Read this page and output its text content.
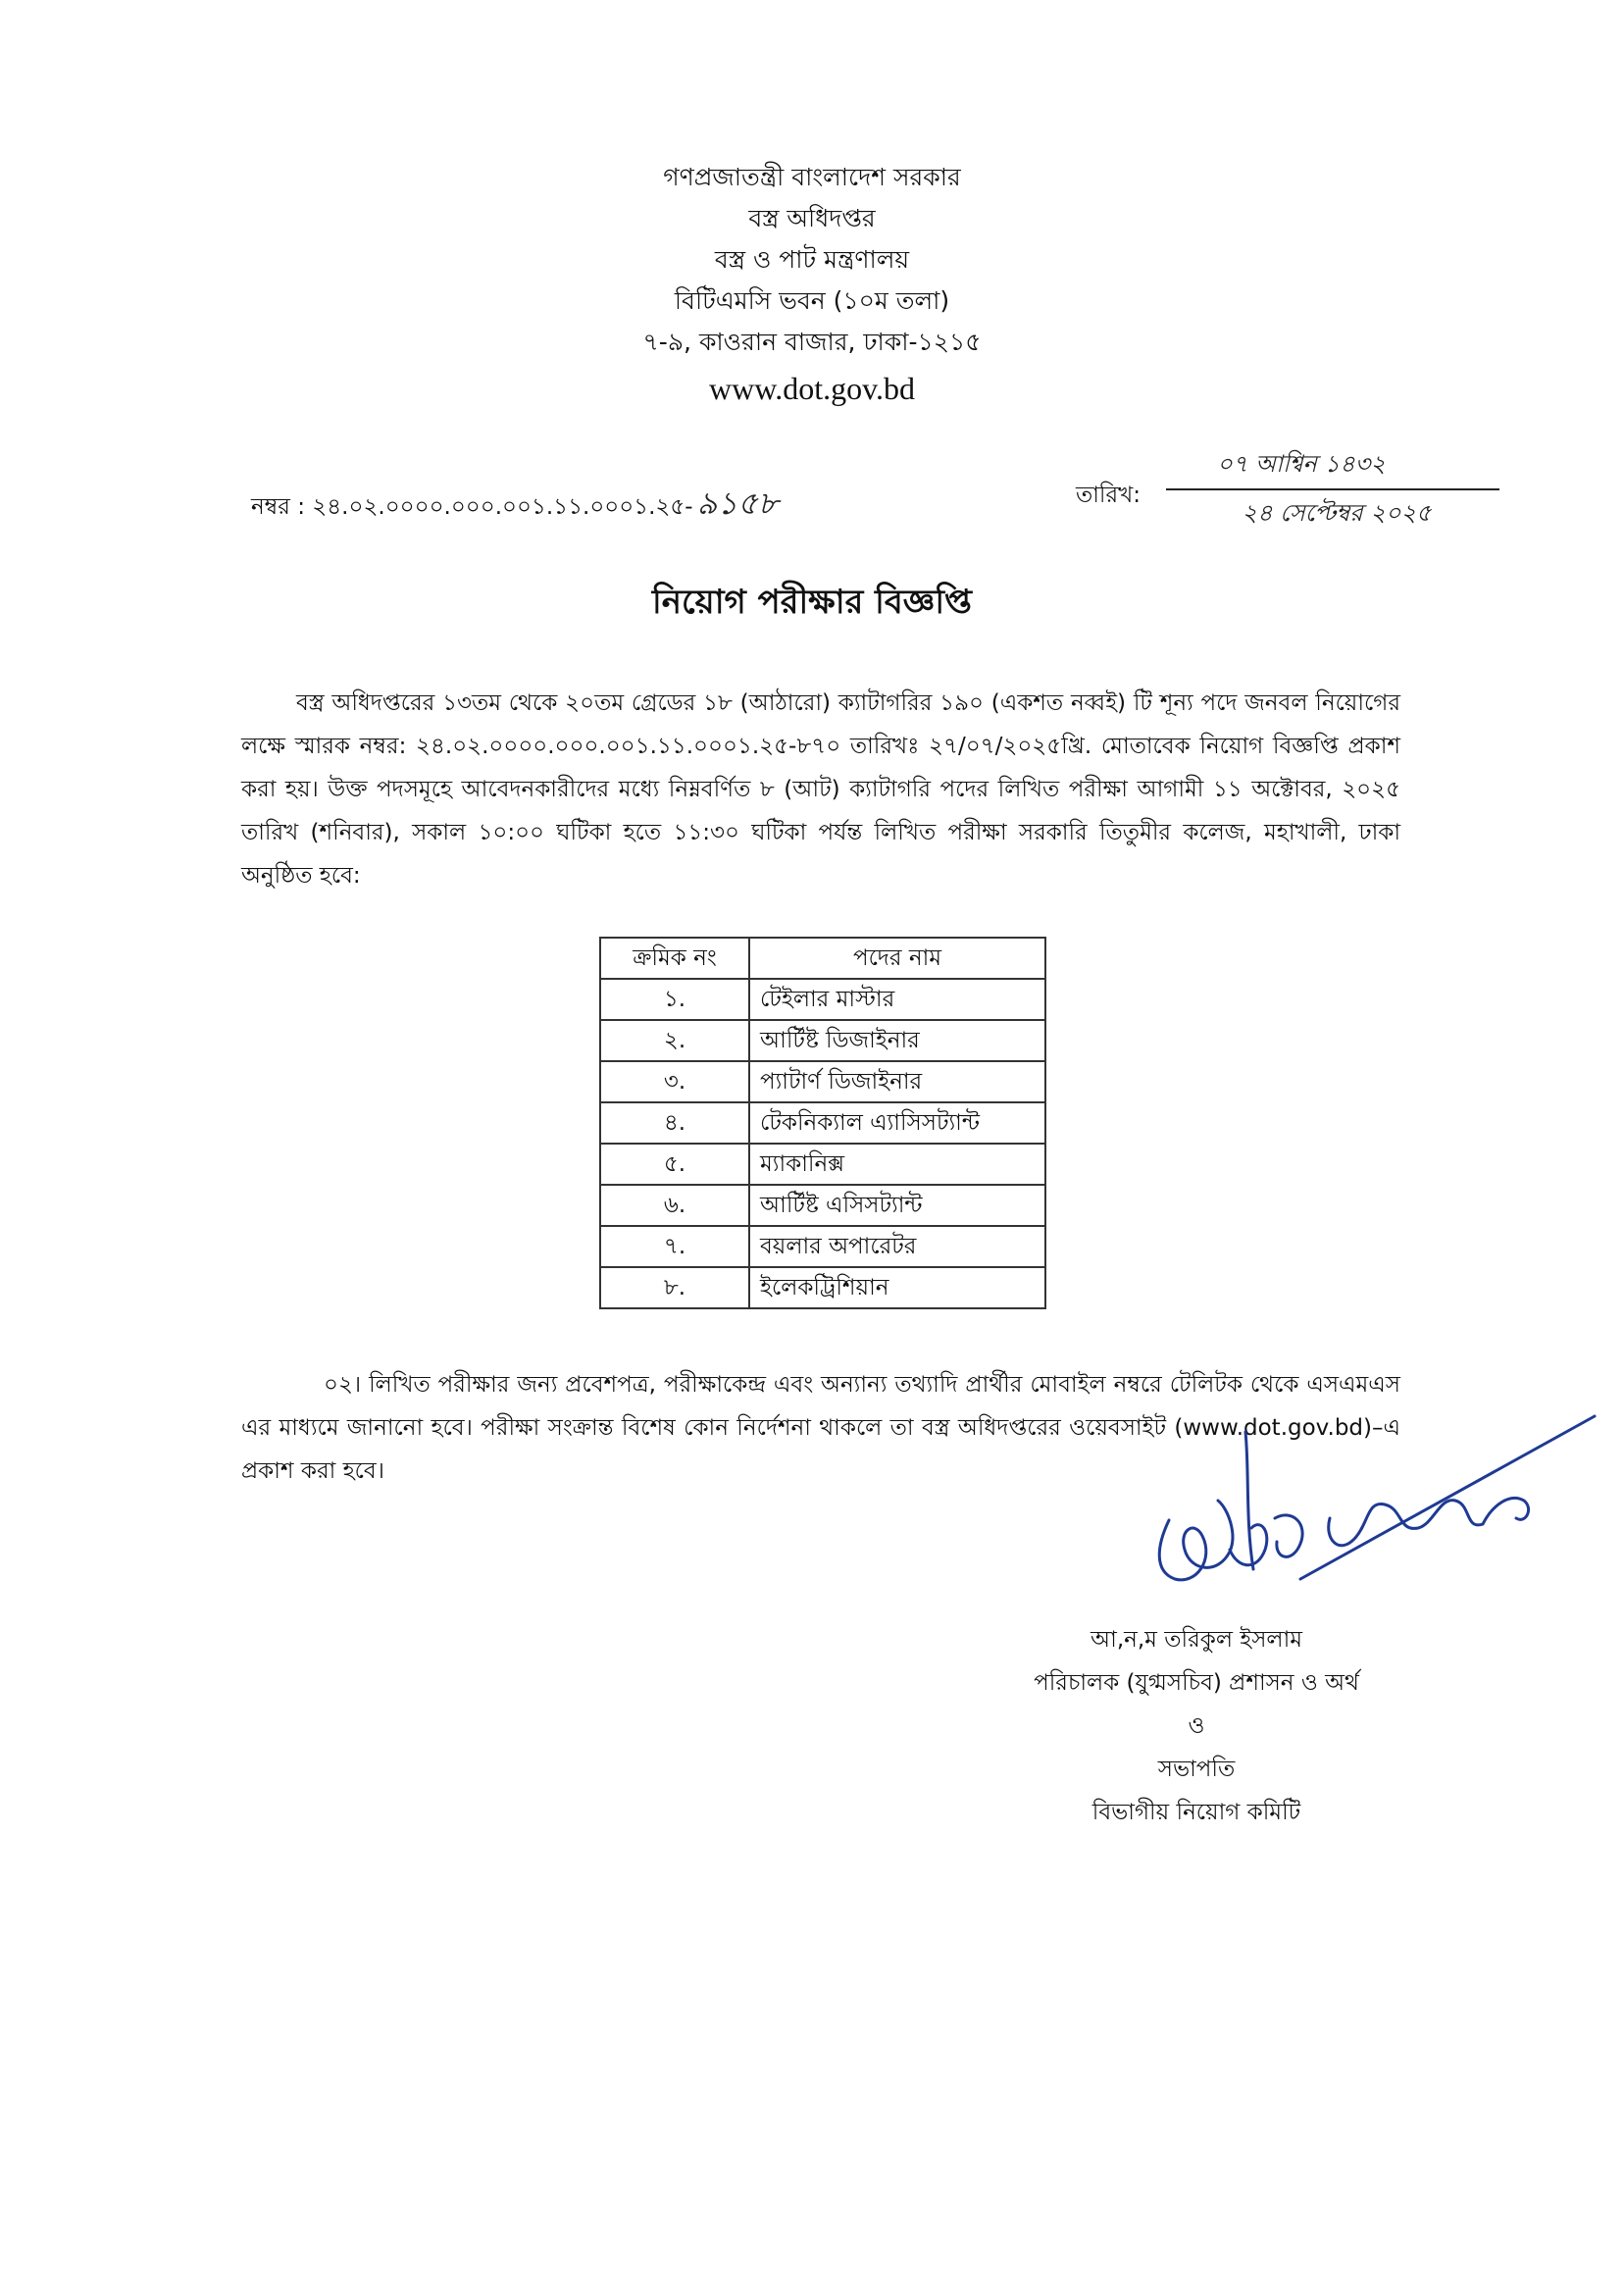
গণপ্রজাতন্ত্রী বাংলাদেশ সরকার
বস্ত্র অধিদপ্তর
বস্ত্র ও পাট মন্ত্রণালয়
বিটিএমসি ভবন (১০ম তলা)
৭-৯, কাওরান বাজার, ঢাকা-১২১৫
www.dot.gov.bd
নম্বর : ২৪.০২.০০০০.০০০.০০১.১১.০০০১.২৫- ৯১৫৮	তারিখ:
০৭ আশ্বিন ১৪৩২
২৪ সেপ্টেম্বর ২০২৫
নিয়োগ পরীক্ষার বিজ্ঞপ্তি
বস্ত্র অধিদপ্তরের ১৩তম থেকে ২০তম গ্রেডের ১৮ (আঠারো) ক্যাটাগরির ১৯০ (একশত নব্বই) টি শূন্য পদে জনবল নিয়োগের লক্ষে স্মারক নম্বর: ২৪.০২.০০০০.০০০.০০১.১১.০০০১.২৫-৮৭০ তারিখঃ ২৭/০৭/২০২৫খ্রি. মোতাবেক নিয়োগ বিজ্ঞপ্তি প্রকাশ করা হয়। উক্ত পদসমূহে আবেদনকারীদের মধ্যে নিম্নবর্ণিত ৮ (আট) ক্যাটাগরি পদের লিখিত পরীক্ষা আগামী ১১ অক্টোবর, ২০২৫ তারিখ (শনিবার), সকাল ১০:০০ ঘটিকা হতে ১১:৩০ ঘটিকা পর্যন্ত লিখিত পরীক্ষা সরকারি তিতুমীর কলেজ, মহাখালী, ঢাকা অনুষ্ঠিত হবে:
ক্রমিক নং	পদের নাম
১.	টেইলার মাস্টার
২.	আর্টিষ্ট ডিজাইনার
৩.	প্যাটার্ণ ডিজাইনার
৪.	টেকনিক্যাল এ্যাসিসট্যান্ট
৫.	ম্যাকানিক্স
৬.	আর্টিষ্ট এসিসট্যান্ট
৭.	বয়লার অপারেটর
৮.	ইলেকট্রিশিয়ান
০২। লিখিত পরীক্ষার জন্য প্রবেশপত্র, পরীক্ষাকেন্দ্র এবং অন্যান্য তথ্যাদি প্রার্থীর মোবাইল নম্বরে টেলিটক থেকে এসএমএস এর মাধ্যমে জানানো হবে। পরীক্ষা সংক্রান্ত বিশেষ কোন নির্দেশনা থাকলে তা বস্ত্র অধিদপ্তরের ওয়েবসাইট (www.dot.gov.bd)–এ প্রকাশ করা হবে।
আ,ন,ম তরিকুল ইসলাম
পরিচালক (যুগ্মসচিব) প্রশাসন ও অর্থ
ও
সভাপতি
বিভাগীয় নিয়োগ কমিটি
